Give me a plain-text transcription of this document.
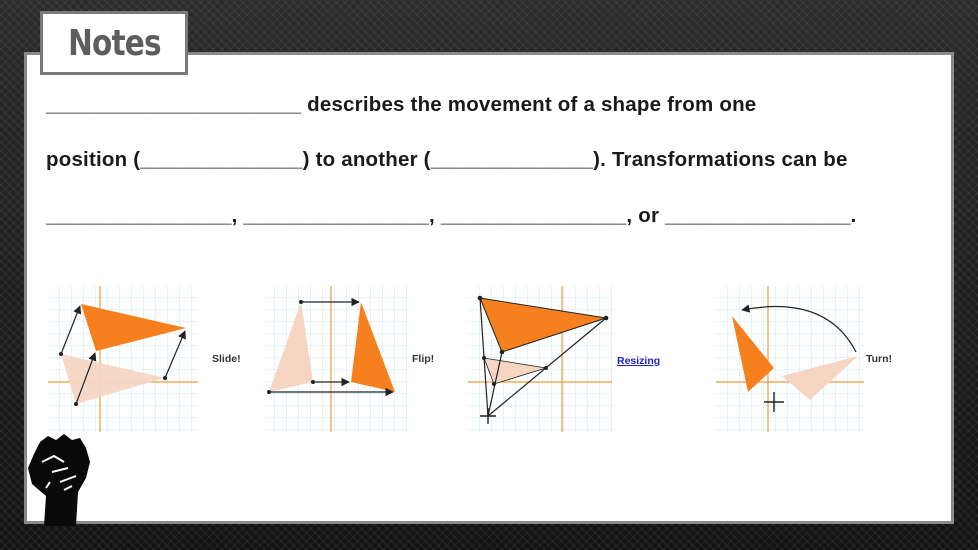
Notes
______________________ describes the movement of a shape from one
position (______________) to another (______________). Transformations can be
________________, ________________, ________________, or ________________.
Slide!	Flip!	Resizing	Turn!
